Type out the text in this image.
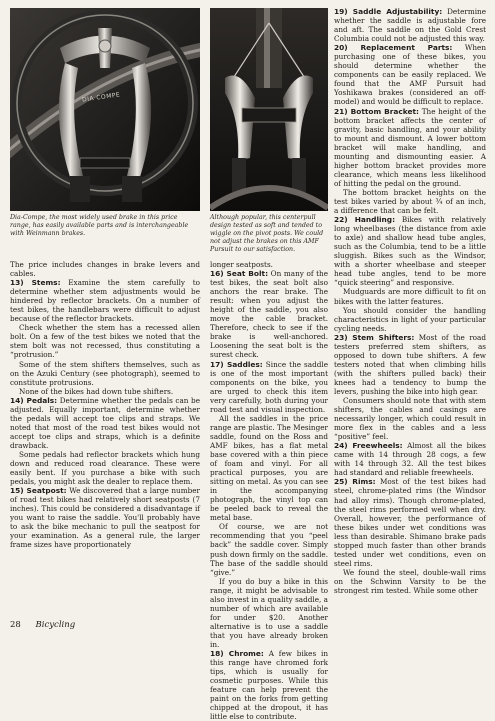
DIA·COMPE
Dia-Compe, the most widely used brake in this price range, has easily available parts and is interchangeable with Weinmann brakes.
Although popular, this centerpull design tested as soft and tended to wiggle on the pivot posts. We could not adjust the brakes on this AMF Pursuit to our satisfaction.

The price includes changes in brake levers and cables.

13) Stems: Examine the stem carefully to determine whether stem adjustments would be hindered by reflector brackets. On a number of test bikes, the handlebars were difficult to adjust because of the reflector brackets.

Check whether the stem has a recessed allen bolt. On a few of the test bikes we noted that the stem bolt was not recessed, thus constituting a “protrusion.”

Some of the stem shifters themselves, such as on the Azuki Century (see photograph), seemed to constitute protrusions.

None of the bikes had down tube shifters.

14) Pedals: Determine whether the pedals can be adjusted. Equally important, determine whether the pedals will accept toe clips and straps. We noted that most of the road test bikes would not accept toe clips and straps, which is a definite drawback.

Some pedals had reflector brackets which hung down and reduced road clearance. These were easily bent. If you purchase a bike with such pedals, you might ask the dealer to replace them.

15) Seatpost: We discovered that a large number of road test bikes had relatively short seatposts (7 inches). This could be considered a disadvantage if you want to raise the saddle. You'll probably have to ask the bike mechanic to pull the seatpost for your examination. As a general rule, the larger frame sizes have proportionately

longer seatposts.

16) Seat Bolt: On many of the test bikes, the seat bolt also anchors the rear brake. The result: when you adjust the height of the saddle, you also move the cable bracket. Therefore, check to see if the brake is well-anchored. Loosening the seat bolt is the surest check.

17) Saddles: Since the saddle is one of the most important components on the bike, you are urged to check this item very carefully, both during your road test and visual inspection.

All the saddles in the price range are plastic. The Mesinger saddle, found on the Ross and AMF bikes, has a flat metal base covered with a thin piece of foam and vinyl. For all practical purposes, you are sitting on metal. As you can see in the accompanying photograph, the vinyl top can be peeled back to reveal the metal base.

Of course, we are not recommending that you “peel back” the saddle cover. Simply push down firmly on the saddle. The base of the saddle should “give.”

If you do buy a bike in this range, it might be advisable to also invest in a quality saddle, a number of which are available for under $20. Another alternative is to use a saddle that you have already broken in.

18) Chrome: A few bikes in this range have chromed fork tips, which is usually for cosmetic purposes. While this feature can help prevent the paint on the forks from getting chipped at the dropout, it has little else to contribute.

19) Saddle Adjustability: Determine whether the saddle is adjustable fore and aft. The saddle on the Gold Crest Columbia could not be adjusted this way.

20) Replacement Parts: When purchasing one of these bikes, you should determine whether the components can be easily replaced. We found that the AMF Pursuit had Yoshikawa brakes (considered an off-model) and would be difficult to replace.

21) Bottom Bracket: The height of the bottom bracket affects the center of gravity, basic handling, and your ability to mount and dismount. A lower bottom bracket will make handling, and mounting and dismounting easier. A higher bottom bracket provides more clearance, which means less likelihood of hitting the pedal on the ground.

The bottom bracket heights on the test bikes varied by about ¾ of an inch, a difference that can be felt.

22) Handling: Bikes with relatively long wheelbases (the distance from axle to axle) and shallow head tube angles, such as the Columbia, tend to be a little sluggish. Bikes such as the Windsor, with a shorter wheelbase and steeper head tube angles, tend to be more “quick steering” and responsive.

Mudguards are more difficult to fit on bikes with the latter features.

You should consider the handling characteristics in light of your particular cycling needs.

23) Stem Shifters: Most of the road testers preferred stem shifters, as opposed to down tube shifters. A few testers noted that when climbing hills (with the shifters pulled back) their knees had a tendency to bump the levers, pushing the bike into high gear.

Consumers should note that with stem shifters, the cables and casings are necessarily longer, which could result in more flex in the cables and a less “positive” feel.

24) Freewheels: Almost all the bikes came with 14 through 28 cogs, a few with 14 through 32. All the test bikes had standard and reliable freewheels.

25) Rims: Most of the test bikes had steel, chrome-plated rims (the Windsor had alloy rims). Though chrome-plated, the steel rims performed well when dry. Overall, however, the performance of these bikes under wet conditions was less than desirable. Shimano brake pads stopped much faster than other brands tested under wet conditions, even on steel rims.

We found the steel, double-wall rims on the Schwinn Varsity to be the strongest rim tested. While some other

28 Bicycling
